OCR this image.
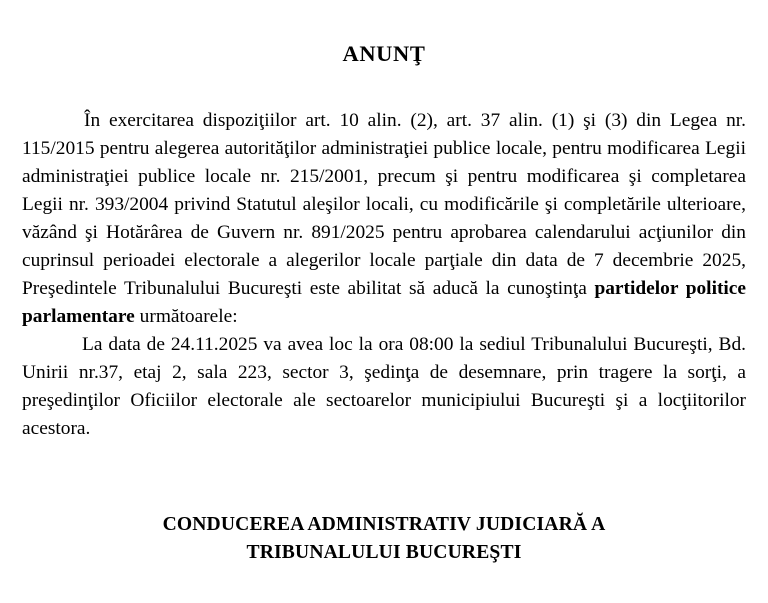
ANUNŢ

În exercitarea dispoziţiilor art. 10 alin. (2), art. 37 alin. (1) şi (3) din Legea nr. 115/2015 pentru alegerea autorităţilor administraţiei publice locale, pentru modificarea Legii administraţiei publice locale nr. 215/2001, precum şi pentru modificarea şi completarea Legii nr. 393/2004 privind Statutul aleşilor locali, cu modificările şi completările ulterioare, văzând şi Hotărârea de Guvern nr. 891/2025 pentru aprobarea calendarului acţiunilor din cuprinsul perioadei electorale a alegerilor locale parţiale din data de 7 decembrie 2025, Preşedintele Tribunalului Bucureşti este abilitat să aducă la cunoştinţa partidelor politice parlamentare următoarele:

La data de 24.11.2025 va avea loc la ora 08:00 la sediul Tribunalului Bucureşti, Bd. Unirii nr.37, etaj 2, sala 223, sector 3, şedinţa de desemnare, prin tragere la sorţi, a preşedinţilor Oficiilor electorale ale sectoarelor municipiului Bucureşti şi a locţiitorilor acestora.

CONDUCEREA ADMINISTRATIV JUDICIARĂ A
TRIBUNALULUI BUCUREŞTI
